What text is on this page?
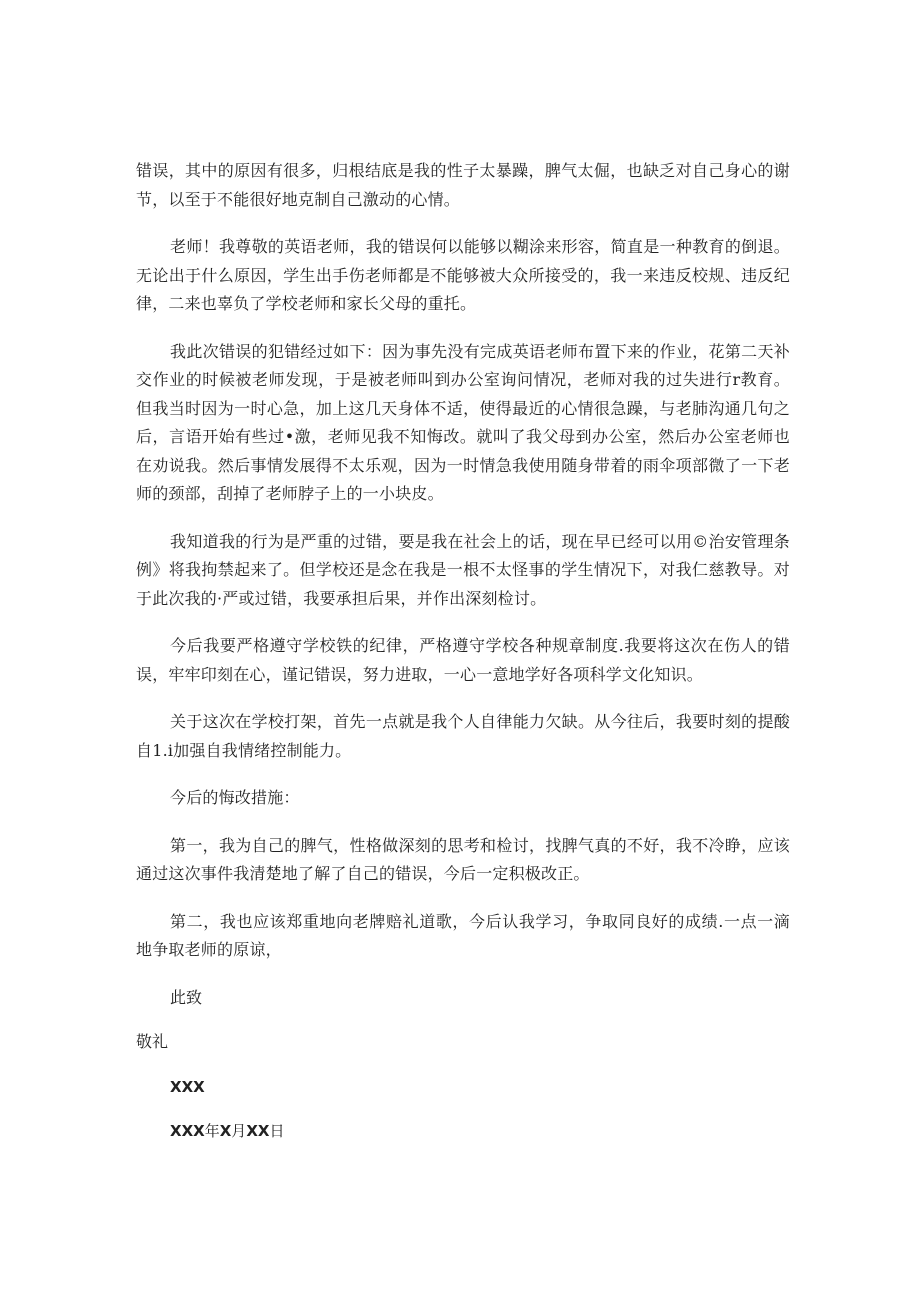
错误，其中的原因有很多，归根结底是我的性子太暴躁，脾气太倔，也缺乏对自己身心的谢节，以至于不能很好地克制自己激动的心情。

老师！我尊敬的英语老师，我的错误何以能够以糊涂来形容，简直是一种教育的倒退。无论出于什么原因，学生出手伤老师都是不能够被大众所接受的，我一来违反校规、违反纪律，二来也辜负了学校老师和家长父母的重托。

我此次错误的犯错经过如下：因为事先没有完成英语老师布置下来的作业，花第二天补交作业的时候被老师发现，于是被老师叫到办公室询问情况，老师对我的过失进行r教育。但我当时因为一时心急，加上这几天身体不适，使得最近的心情很急躁，与老肺沟通几句之后，言语开始有些过•激，老师见我不知悔改。就叫了我父母到办公室，然后办公室老师也在劝说我。然后事情发展得不太乐观，因为一时情急我使用随身带着的雨伞项部微了一下老师的颈部，刮掉了老师脖子上的一小块皮。

我知道我的行为是严重的过错，要是我在社会上的话，现在早已经可以用©治安管理条例》将我拘禁起来了。但学校还是念在我是一根不太怪事的学生情况下，对我仁慈教导。对于此次我的·严或过错，我要承担后果，并作出深刻检讨。

今后我要严格遵守学校铁的纪律，严格遵守学校各种规章制度.我要将这次在伤人的错误，牢牢印刻在心，谨记错误，努力进取，一心一意地学好各项科学文化知识。

关于这次在学校打架，首先一点就是我个人自律能力欠缺。从今往后，我要时刻的提酸自1.i加强自我情绪控制能力。

今后的悔改措施：

第一，我为自己的脾气，性格做深刻的思考和检讨，找脾气真的不好，我不冷睁，应该通过这次事件我清楚地了解了自己的错误，今后一定积极改正。

第二，我也应该郑重地向老牌赔礼道歌，今后认我学习，争取同良好的成绩.一点一滴地争取老师的原谅，

此致
敬礼
XXX
XXX年X月XX日
